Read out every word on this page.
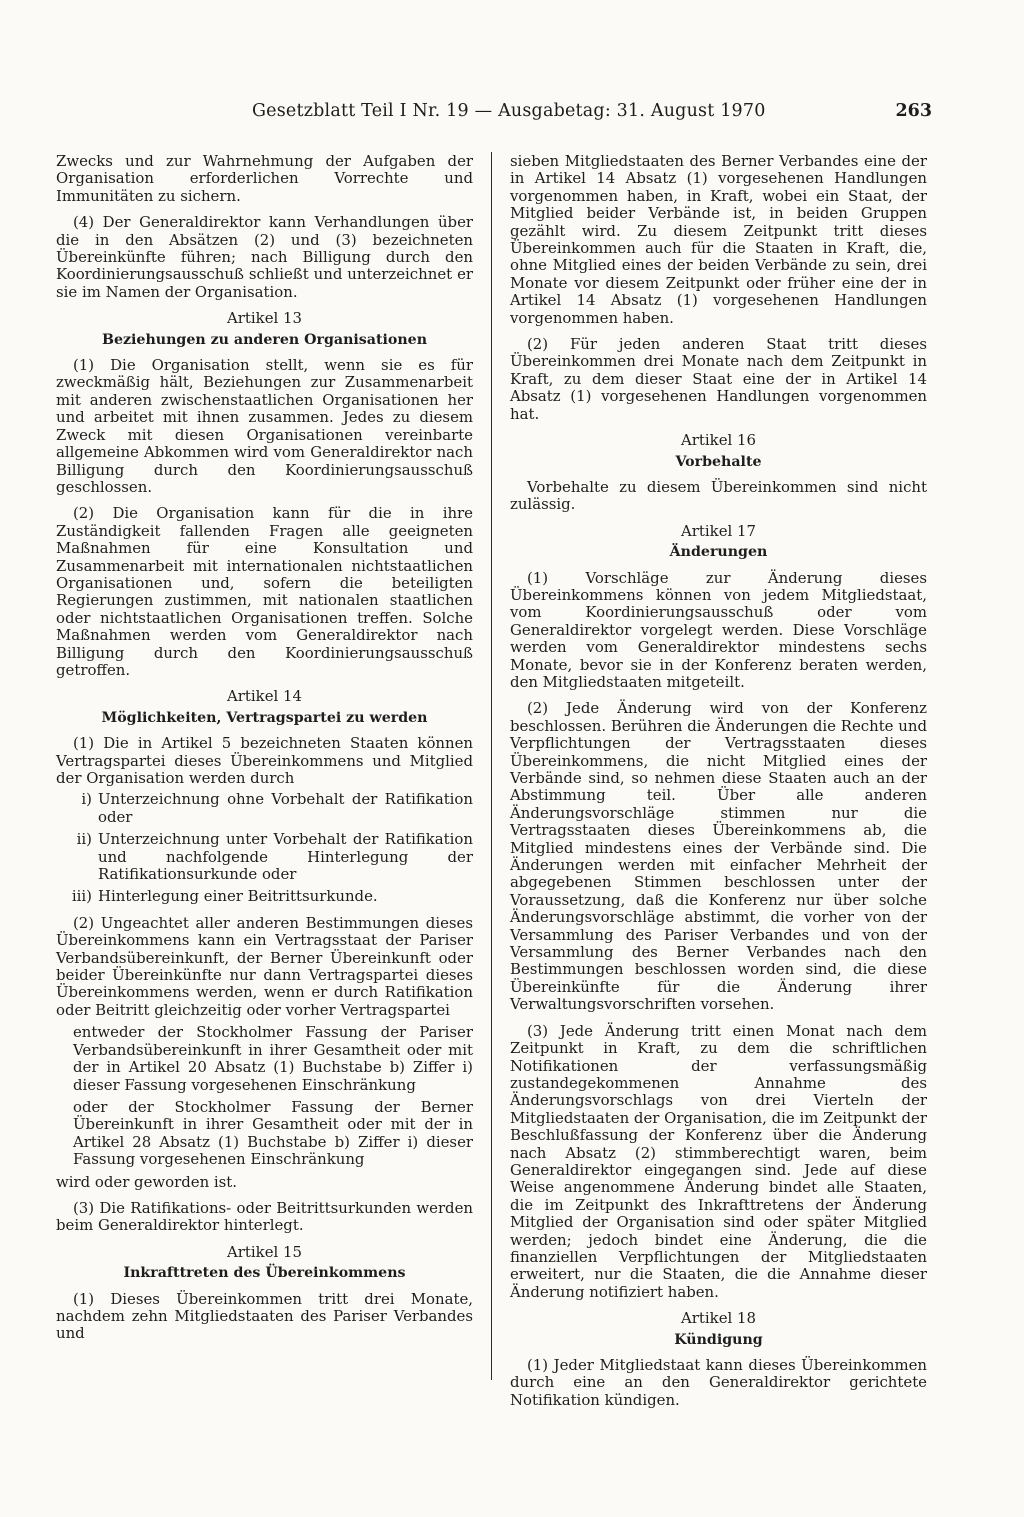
Gesetzblatt Teil I Nr. 19 — Ausgabetag: 31. August 1970	263

Zwecks und zur Wahrnehmung der Aufgaben der Organisation erforderlichen Vorrechte und Immunitäten zu sichern.

(4) Der Generaldirektor kann Verhandlungen über die in den Absätzen (2) und (3) bezeichneten Übereinkünfte führen; nach Billigung durch den Koordinierungsausschuß schließt und unterzeichnet er sie im Namen der Organisation.

Artikel 13
Beziehungen zu anderen Organisationen

(1) Die Organisation stellt, wenn sie es für zweckmäßig hält, Beziehungen zur Zusammenarbeit mit anderen zwischenstaatlichen Organisationen her und arbeitet mit ihnen zusammen. Jedes zu diesem Zweck mit diesen Organisationen vereinbarte allgemeine Abkommen wird vom Generaldirektor nach Billigung durch den Koordinierungsausschuß geschlossen.

(2) Die Organisation kann für die in ihre Zuständigkeit fallenden Fragen alle geeigneten Maßnahmen für eine Konsultation und Zusammenarbeit mit internationalen nichtstaatlichen Organisationen und, sofern die beteiligten Regierungen zustimmen, mit nationalen staatlichen oder nichtstaatlichen Organisationen treffen. Solche Maßnahmen werden vom Generaldirektor nach Billigung durch den Koordinierungsausschuß getroffen.

Artikel 14
Möglichkeiten, Vertragspartei zu werden

(1) Die in Artikel 5 bezeichneten Staaten können Vertragspartei dieses Übereinkommens und Mitglied der Organisation werden durch

i) Unterzeichnung ohne Vorbehalt der Ratifikation oder
ii) Unterzeichnung unter Vorbehalt der Ratifikation und nachfolgende Hinterlegung der Ratifikationsurkunde oder
iii) Hinterlegung einer Beitrittsurkunde.

(2) Ungeachtet aller anderen Bestimmungen dieses Übereinkommens kann ein Vertragsstaat der Pariser Verbandsübereinkunft, der Berner Übereinkunft oder beider Übereinkünfte nur dann Vertragspartei dieses Übereinkommens werden, wenn er durch Ratifikation oder Beitritt gleichzeitig oder vorher Vertragspartei

entweder der Stockholmer Fassung der Pariser Verbandsübereinkunft in ihrer Gesamtheit oder mit der in Artikel 20 Absatz (1) Buchstabe b) Ziffer i) dieser Fassung vorgesehenen Einschränkung
oder der Stockholmer Fassung der Berner Übereinkunft in ihrer Gesamtheit oder mit der in Artikel 28 Absatz (1) Buchstabe b) Ziffer i) dieser Fassung vorgesehenen Einschränkung

wird oder geworden ist.

(3) Die Ratifikations- oder Beitrittsurkunden werden beim Generaldirektor hinterlegt.

Artikel 15
Inkrafttreten des Übereinkommens

(1) Dieses Übereinkommen tritt drei Monate, nachdem zehn Mitgliedstaaten des Pariser Verbandes und

sieben Mitgliedstaaten des Berner Verbandes eine der in Artikel 14 Absatz (1) vorgesehenen Handlungen vorgenommen haben, in Kraft, wobei ein Staat, der Mitglied beider Verbände ist, in beiden Gruppen gezählt wird. Zu diesem Zeitpunkt tritt dieses Übereinkommen auch für die Staaten in Kraft, die, ohne Mitglied eines der beiden Verbände zu sein, drei Monate vor diesem Zeitpunkt oder früher eine der in Artikel 14 Absatz (1) vorgesehenen Handlungen vorgenommen haben.

(2) Für jeden anderen Staat tritt dieses Übereinkommen drei Monate nach dem Zeitpunkt in Kraft, zu dem dieser Staat eine der in Artikel 14 Absatz (1) vorgesehenen Handlungen vorgenommen hat.

Artikel 16
Vorbehalte

Vorbehalte zu diesem Übereinkommen sind nicht zulässig.

Artikel 17
Änderungen

(1) Vorschläge zur Änderung dieses Übereinkommens können von jedem Mitgliedstaat, vom Koordinierungsausschuß oder vom Generaldirektor vorgelegt werden. Diese Vorschläge werden vom Generaldirektor mindestens sechs Monate, bevor sie in der Konferenz beraten werden, den Mitgliedstaaten mitgeteilt.

(2) Jede Änderung wird von der Konferenz beschlossen. Berühren die Änderungen die Rechte und Verpflichtungen der Vertragsstaaten dieses Übereinkommens, die nicht Mitglied eines der Verbände sind, so nehmen diese Staaten auch an der Abstimmung teil. Über alle anderen Änderungsvorschläge stimmen nur die Vertragsstaaten dieses Übereinkommens ab, die Mitglied mindestens eines der Verbände sind. Die Änderungen werden mit einfacher Mehrheit der abgegebenen Stimmen beschlossen unter der Voraussetzung, daß die Konferenz nur über solche Änderungsvorschläge abstimmt, die vorher von der Versammlung des Pariser Verbandes und von der Versammlung des Berner Verbandes nach den Bestimmungen beschlossen worden sind, die diese Übereinkünfte für die Änderung ihrer Verwaltungsvorschriften vorsehen.

(3) Jede Änderung tritt einen Monat nach dem Zeitpunkt in Kraft, zu dem die schriftlichen Notifikationen der verfassungsmäßig zustandegekommenen Annahme des Änderungsvorschlags von drei Vierteln der Mitgliedstaaten der Organisation, die im Zeitpunkt der Beschlußfassung der Konferenz über die Änderung nach Absatz (2) stimmberechtigt waren, beim Generaldirektor eingegangen sind. Jede auf diese Weise angenommene Änderung bindet alle Staaten, die im Zeitpunkt des Inkrafttretens der Änderung Mitglied der Organisation sind oder später Mitglied werden; jedoch bindet eine Änderung, die die finanziellen Verpflichtungen der Mitgliedstaaten erweitert, nur die Staaten, die die Annahme dieser Änderung notifiziert haben.

Artikel 18
Kündigung

(1) Jeder Mitgliedstaat kann dieses Übereinkommen durch eine an den Generaldirektor gerichtete Notifikation kündigen.
